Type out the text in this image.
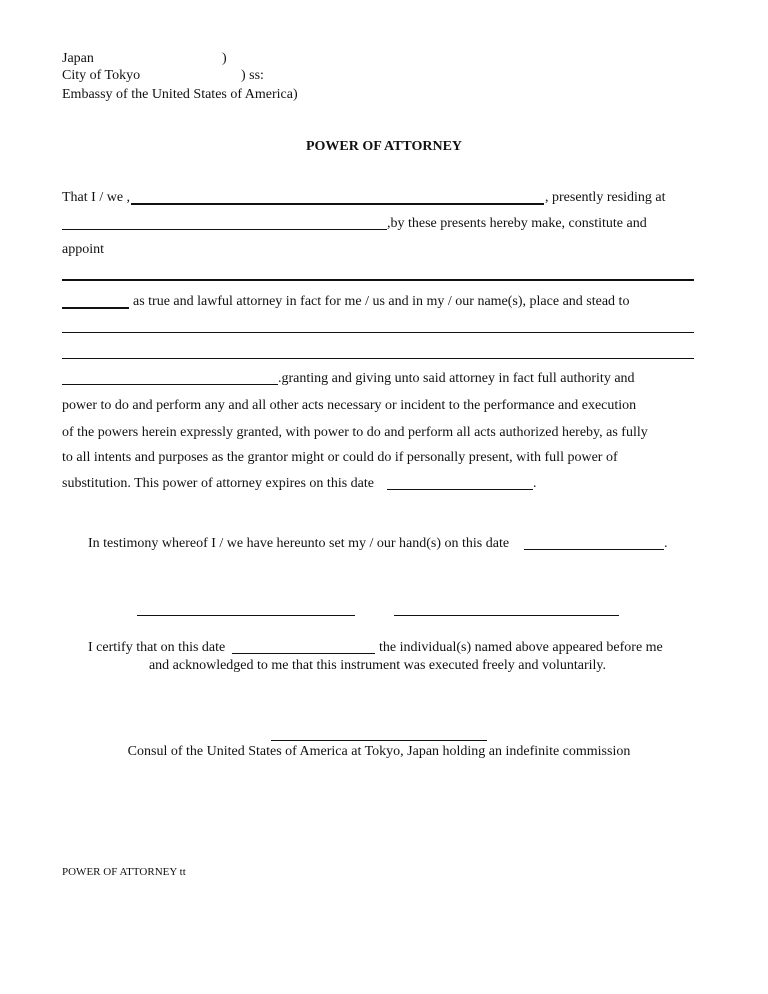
Japan	)
City of Tokyo	) ss:
Embassy of the United States of America)
POWER OF ATTORNEY
That I / we ,	, presently residing at
,by these presents hereby make, constitute and
appoint
as true and lawful attorney in fact for me / us and in my / our name(s), place and stead to
.granting and giving unto said attorney in fact full authority and
power to do and perform any and all other acts necessary or incident to the performance and execution
of the powers herein expressly granted, with power to do and perform all acts authorized hereby, as fully
to all intents and purposes as the grantor might or could do if personally present, with full power of
substitution. This power of attorney expires on this date	.
In testimony whereof I / we have hereunto set my / our hand(s) on this date	.
I certify that on this date	the individual(s) named above appeared before me
and acknowledged to me that this instrument was executed freely and voluntarily.
Consul of the United States of America at Tokyo, Japan holding an indefinite commission
POWER OF ATTORNEY tt
